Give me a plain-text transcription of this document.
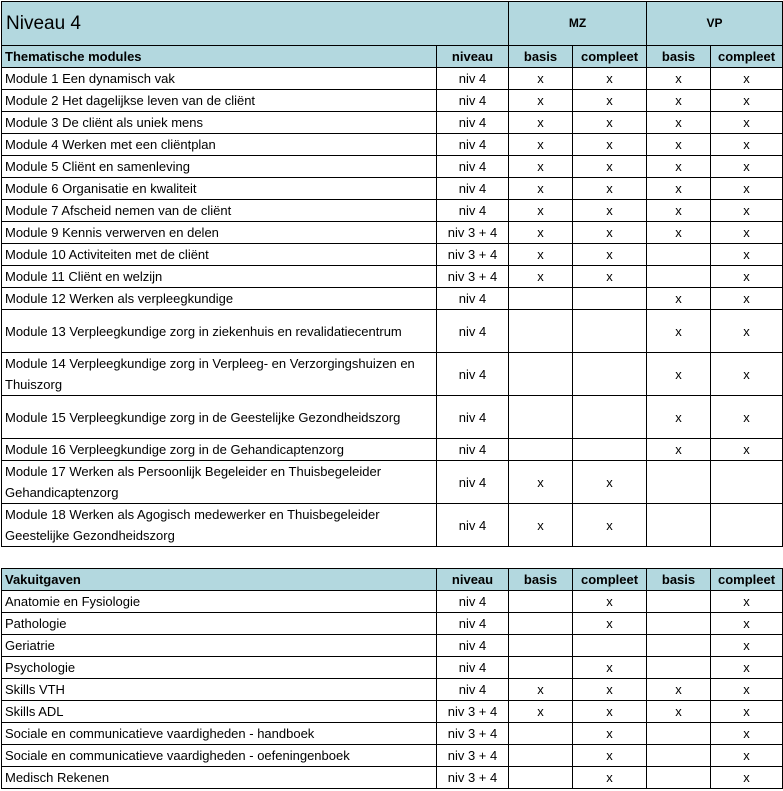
Niveau 4		MZ		VP	
Thematische modules	niveau	basis	compleet	basis	compleet
Module 1 Een dynamisch vak	niv 4	x	x	x	x
Module 2 Het dagelijkse leven van de cliënt	niv 4	x	x	x	x
Module 3 De cliënt als uniek mens	niv 4	x	x	x	x
Module 4 Werken met een cliëntplan	niv 4	x	x	x	x
Module 5 Cliënt en samenleving	niv 4	x	x	x	x
Module 6 Organisatie en kwaliteit	niv 4	x	x	x	x
Module 7 Afscheid nemen van de cliënt	niv 4	x	x	x	x
Module 9 Kennis verwerven en delen	niv 3 + 4	x	x	x	x
Module 10 Activiteiten met de cliënt	niv 3 + 4	x	x		x
Module 11 Cliënt en welzijn	niv 3 + 4	x	x		x
Module 12 Werken als verpleegkundige	niv 4			x	x
Module 13 Verpleegkundige zorg in ziekenhuis en revalidatiecentrum	niv 4			x	x
Module 14 Verpleegkundige zorg in Verpleeg- en Verzorgingshuizen en Thuiszorg	niv 4			x	x
Module 15 Verpleegkundige zorg in de Geestelijke Gezondheidszorg	niv 4			x	x
Module 16 Verpleegkundige zorg in de Gehandicaptenzorg	niv 4			x	x
Module 17 Werken als Persoonlijk Begeleider en Thuisbegeleider Gehandicaptenzorg	niv 4	x	x		
Module 18 Werken als Agogisch medewerker en Thuisbegeleider Geestelijke Gezondheidszorg	niv 4	x	x		

Vakuitgaven	niveau	basis	compleet	basis	compleet
Anatomie en Fysiologie	niv 4		x		x
Pathologie	niv 4		x		x
Geriatrie	niv 4				x
Psychologie	niv 4		x		x
Skills VTH	niv 4	x	x	x	x
Skills ADL	niv 3 + 4	x	x	x	x
Sociale en communicatieve vaardigheden - handboek	niv 3 + 4		x		x
Sociale en communicatieve vaardigheden - oefeningenboek	niv 3 + 4		x		x
Medisch Rekenen	niv 3 + 4		x		x
